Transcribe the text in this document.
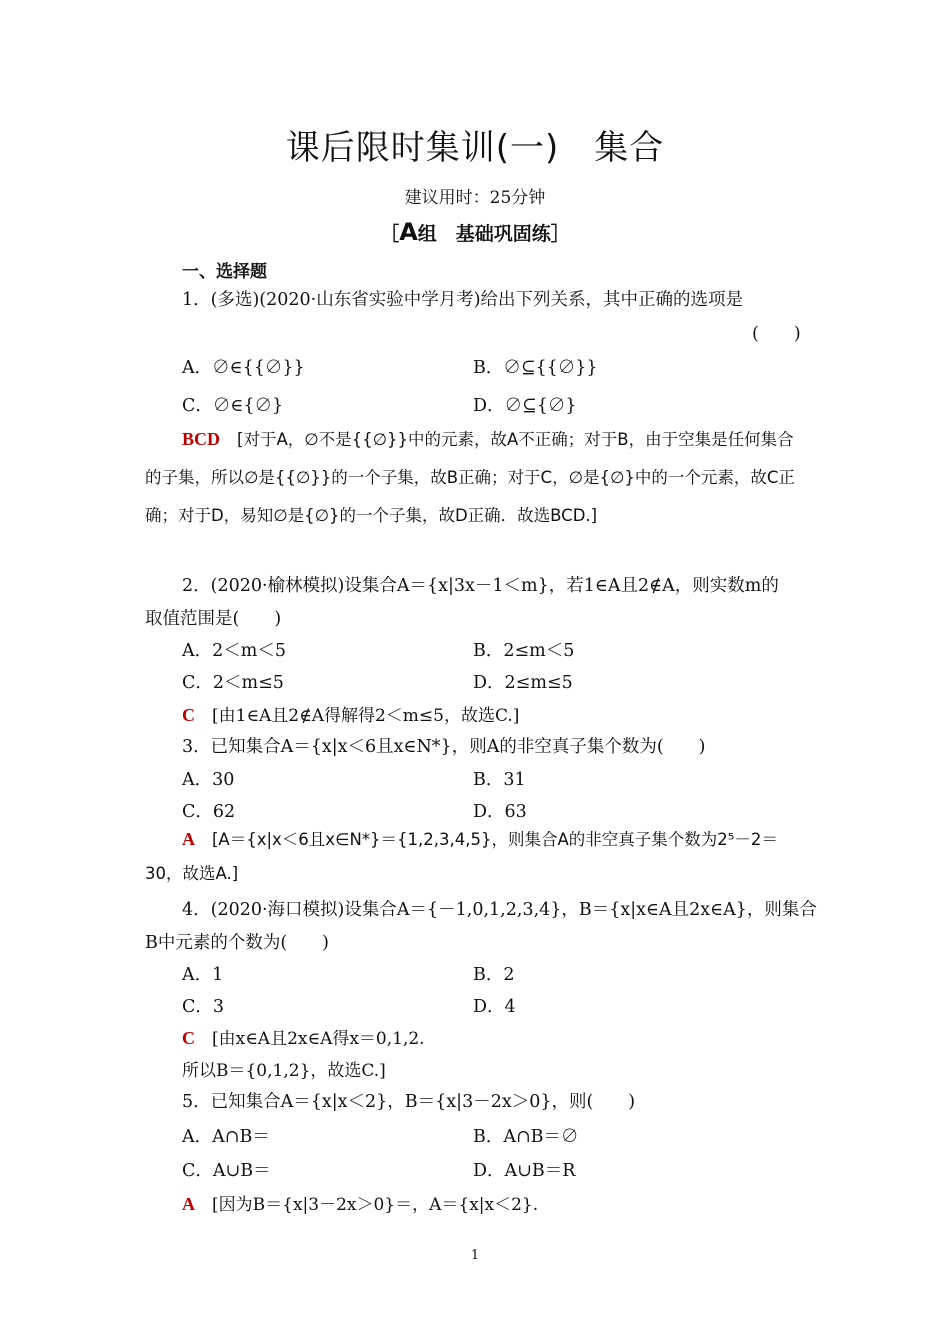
课后限时集训(一)　集合
建议用时：25分钟
［A组　基础巩固练］
一、选择题
1．(多选)(2020·山东省实验中学月考)给出下列关系，其中正确的选项是
(　　)
A．∅∈{{∅}}	B．∅⊆{{∅}}
C．∅∈{∅}	D．∅⊆{∅}
BCD　 [对于A，∅不是{{∅}}中的元素，故A不正确；对于B，由于空集是任何集合的子集，所以∅是{{∅}}的一个子集，故B正确；对于C，∅是{∅}中的一个元素，故C正确；对于D，易知∅是{∅}的一个子集，故D正确．故选BCD.]
2．(2020·榆林模拟)设集合A＝{x|3x－1＜m}，若1∈A且2∉A，则实数m的
取值范围是(　　)
A．2＜m＜5	B．2≤m＜5
C．2＜m≤5	D．2≤m≤5
C　 [由1∈A且2∉A得解得2＜m≤5，故选C.]
3．已知集合A＝{x|x＜6且x∈N*}，则A的非空真子集个数为(　　)
A．30	B．31
C．62	D．63
A　 [A＝{x|x＜6且x∈N*}＝{1,2,3,4,5}，则集合A的非空真子集个数为2⁵－2＝30，故选A.]
4．(2020·海口模拟)设集合A＝{－1,0,1,2,3,4}，B＝{x|x∈A且2x∈A}，则集合
B中元素的个数为(　　)
A．1	B．2
C．3	D．4
C　 [由x∈A且2x∈A得x＝0,1,2.
所以B＝{0,1,2}，故选C.]
5．已知集合A＝{x|x＜2}，B＝{x|3－2x＞0}，则(　　)
A．A∩B＝	B．A∩B＝∅
C．A∪B＝	D．A∪B＝R
A　 [因为B＝{x|3－2x＞0}＝，A＝{x|x＜2}.
1
